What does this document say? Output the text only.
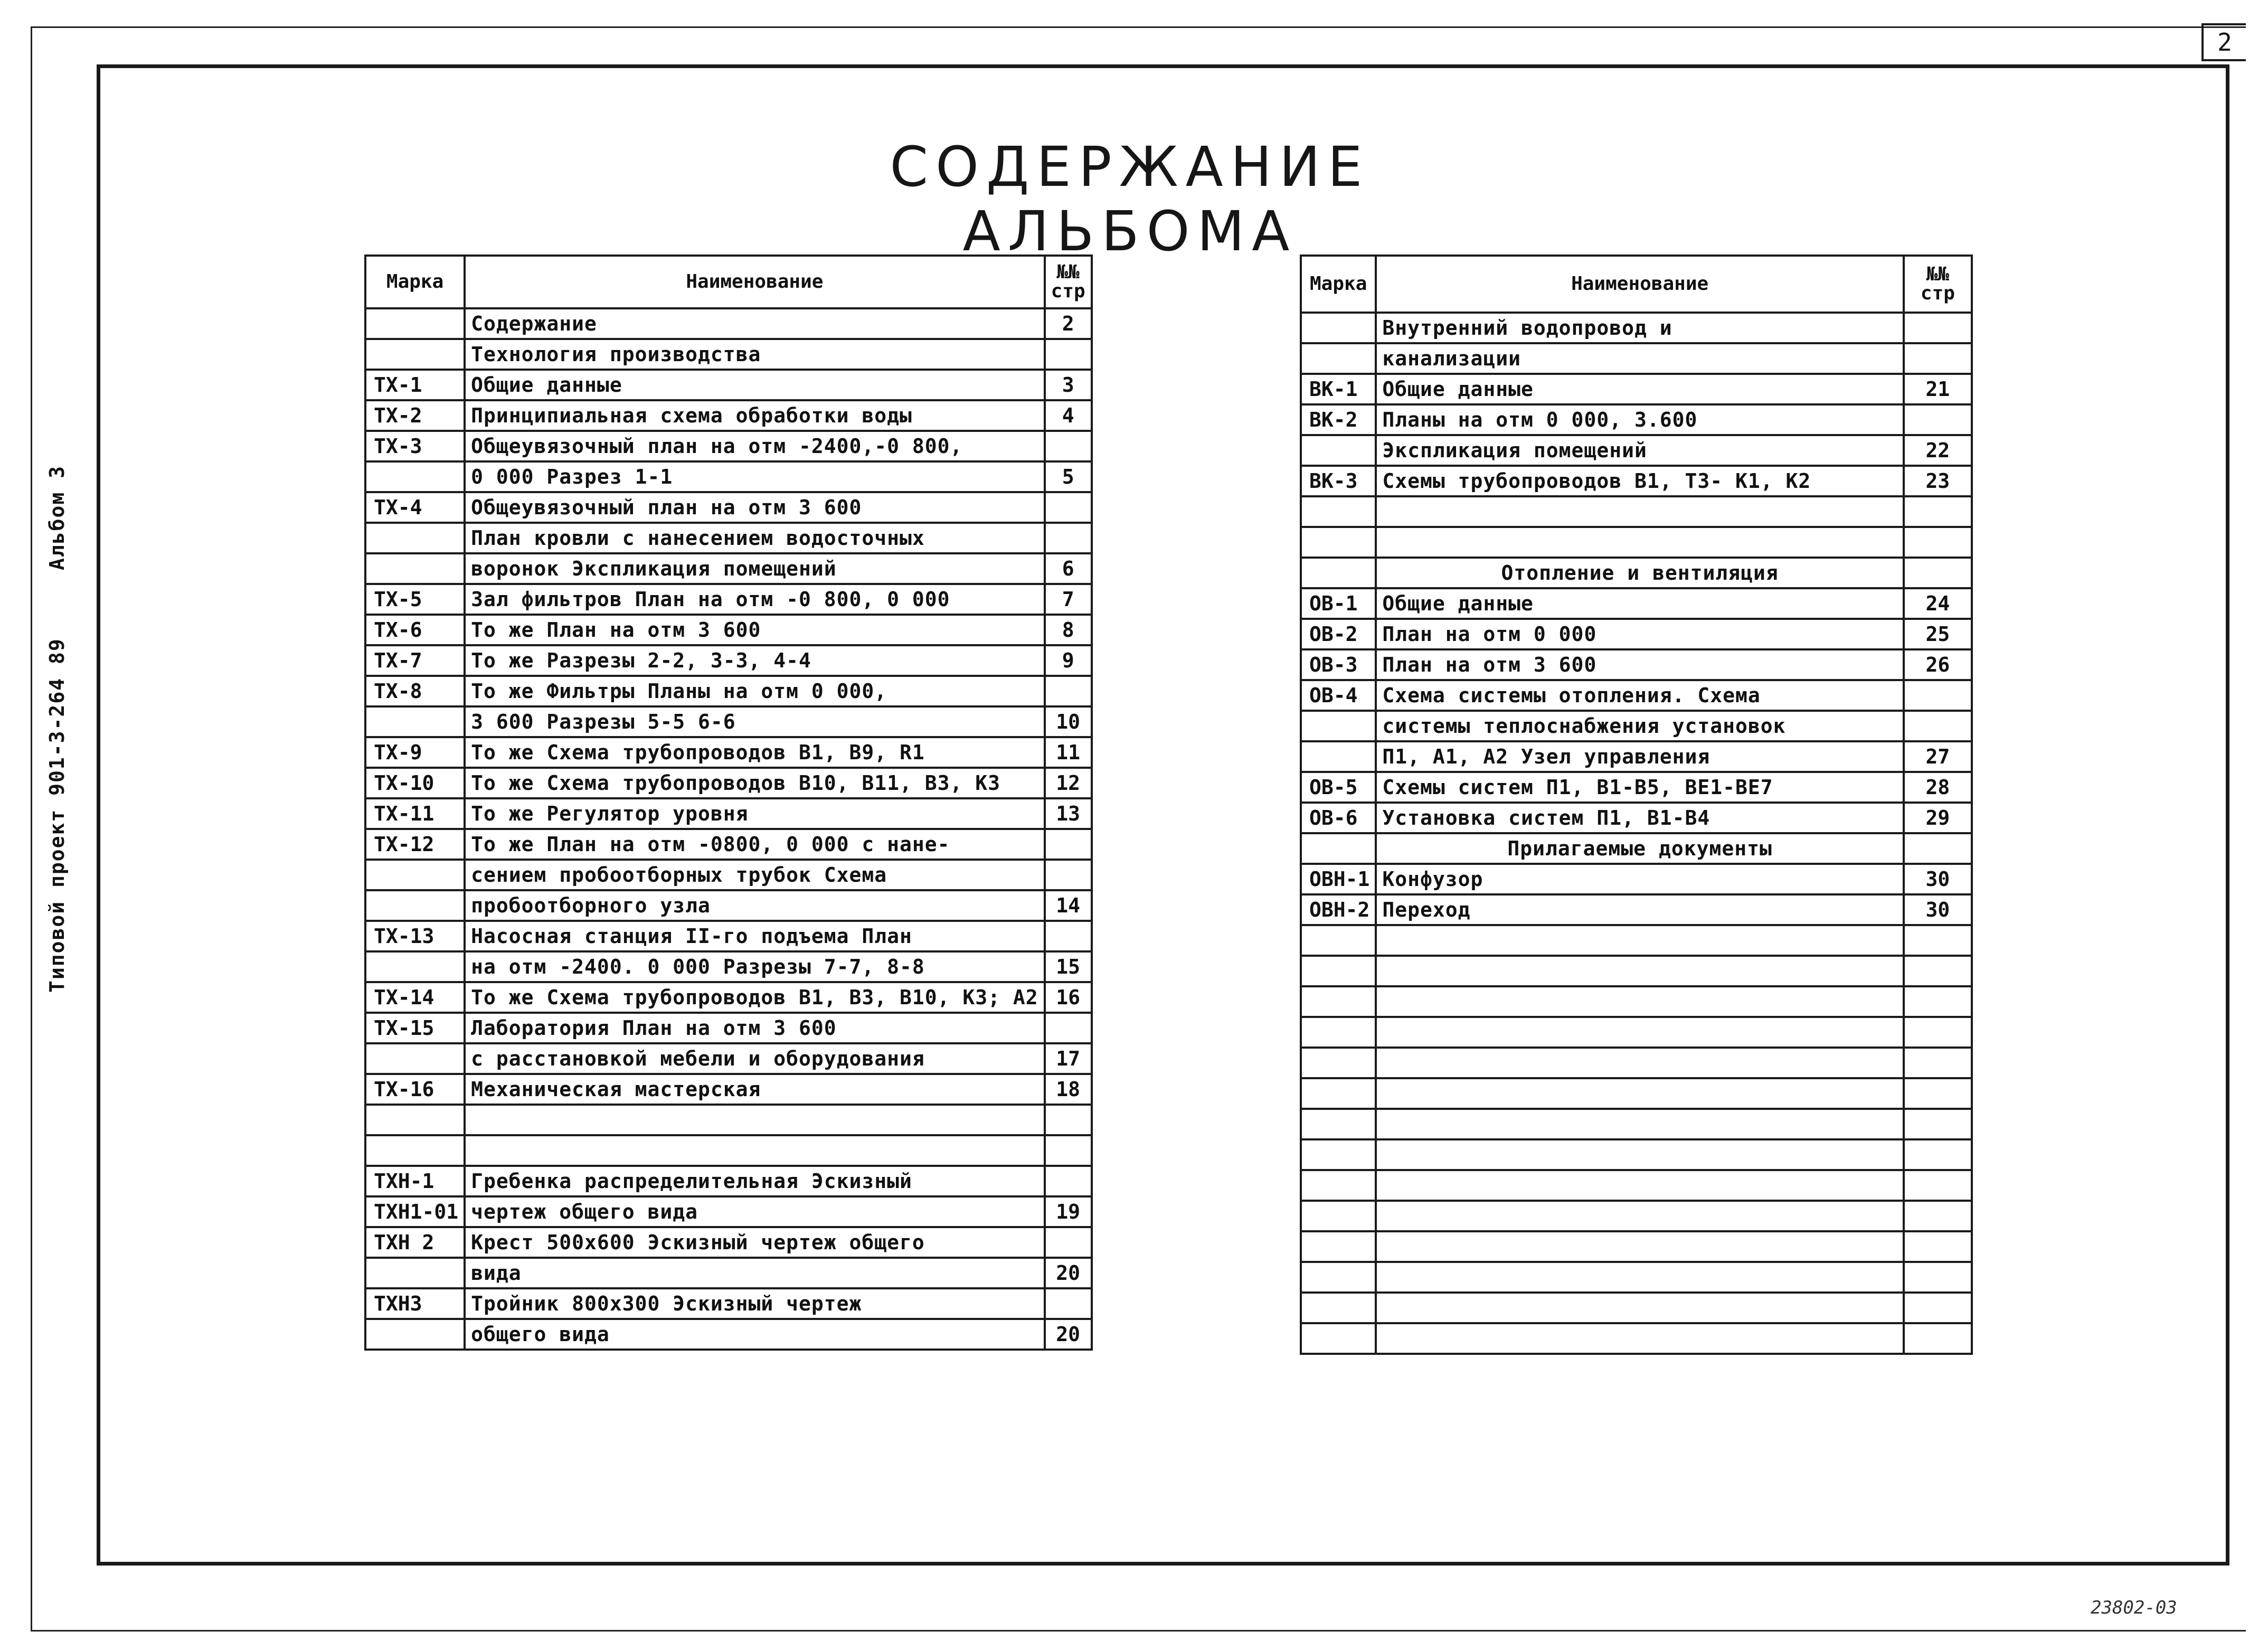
2
Альбом 3
Типовой проект 901-3-264 89
СОДЕРЖАНИЕ АЛЬБОМА
Марка	Наименование	№№
стр
	Содержание	2
	Технология производства	
ТХ-1	Общие данные	3
ТХ-2	Принципиальная схема обработки воды	4
ТХ-3	Общеувязочный план на отм -2400,-0 800,	
	0 000 Разрез 1-1	5
ТХ-4	Общеувязочный план на отм 3 600	
	План кровли с нанесением водосточных	
	воронок Экспликация помещений	6
ТХ-5	Зал фильтров План на отм -0 800, 0 000	7
ТХ-6	То же План на отм 3 600	8
ТХ-7	То же Разрезы 2-2, 3-3, 4-4	9
ТХ-8	То же Фильтры Планы на отм 0 000,	
	3 600 Разрезы 5-5 6-6	10
ТХ-9	То же Схема трубопроводов В1, В9, R1	11
ТХ-10	То же Схема трубопроводов В10, В11, В3, К3	12
ТХ-11	То же Регулятор уровня	13
ТХ-12	То же План на отм -0800, 0 000 с нане-	
	сением пробоотборных трубок Схема	
	пробоотборного узла	14
ТХ-13	Насосная станция II-го подъема План	
	на отм -2400. 0 000 Разрезы 7-7, 8-8	15
ТХ-14	То же Схема трубопроводов В1, В3, В10, К3; А2	16
ТХ-15	Лаборатория План на отм 3 600	
	с расстановкой мебели и оборудования	17
ТХ-16	Механическая мастерская	18

ТХН-1	Гребенка распределительная Эскизный	
ТХН1-01	чертеж общего вида	19
ТХН 2	Крест 500х600 Эскизный чертеж общего	
	вида	20
ТХН3	Тройник 800х300 Эскизный чертеж	
	общего вида	20
Марка	Наименование	№№
стр
	Внутренний водопровод и	
	канализации	
ВК-1	Общие данные	21
ВК-2	Планы на отм 0 000, 3.600	
	Экспликация помещений	22
ВК-3	Схемы трубопроводов В1, Т3- К1, К2	23

	Отопление и вентиляция	
ОВ-1	Общие данные	24
ОВ-2	План на отм 0 000	25
ОВ-3	План на отм 3 600	26
ОВ-4	Схема системы отопления. Схема	
	системы теплоснабжения установок	
	П1, А1, А2 Узел управления	27
ОВ-5	Схемы систем П1, В1-В5, ВЕ1-ВЕ7	28
ОВ-6	Установка систем П1, В1-В4	29
	Прилагаемые документы	
ОВН-1	Конфузор	30
ОВН-2	Переход	30

23802-03
